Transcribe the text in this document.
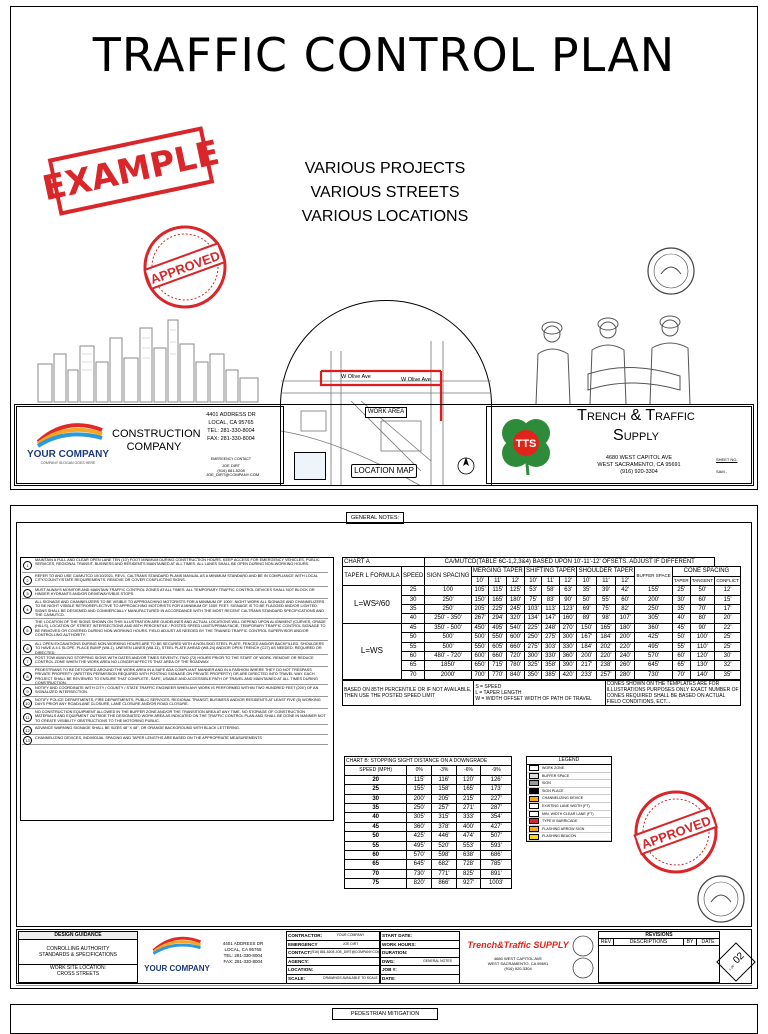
TRAFFIC CONTROL PLAN
VARIOUS PROJECTS
VARIOUS STREETS
VARIOUS LOCATIONS
EXAMPLE
APPROVED
W Olive Ave	W Olive Ave
WORK AREA
LOCATION MAP
YOUR COMPANY
COMPANY SLOGAN GOES HERE
CONSTRUCTION COMPANY
4401 ADDRESS DR
LOCAL, CA 95765
TEL: 281-330-8004
FAX: 281-330-8004
EMERGENCY CONTACT
JOE DIRT
(916) 881-5208
JOE_DIRT@COMPANY.COM
TTS
Trench & Traffic
Supply
4680 WEST CAPITOL AVE
WEST SACRAMENTO, CA 95691
(916) 920-3304
SHEET NO.
SAM -
GENERAL NOTES:
1
MAINTAIN A FULL AND CLEAR OPEN LANE TEN (10') FOOT MINIMUM DURING CONSTRUCTION HOURS. KEEP ACCESS FOR EMERGENCY VEHICLES, PUBLIC SERVICES, REGIONAL TRANSIT, BUSINESS AND RESIDENTS MAINTAINED AT ALL TIMES. ALL LANES SHALL BE OPEN DURING NON-WORKING HOURS.
2
REFER TO AND USE CA/MUTCD 10/10/2021, REV1, CALTRANS STANDARD PLANS MANUAL AS A MINIMUM STANDARD AND BE IN COMPLIANCE WITH LOCAL CITY/COUNTY/STATE REQUIREMENTS. REMOVE OR COVER CONFLICTING SIGNS.
3
MUST ALWAYS MONITOR AND MAINTAIN TRAFFIC CONTROL ZONES AT ALL TIMES. ALL TEMPORARY TRAFFIC CONTROL DEVICES SHALL NOT BLOCK OR HINDER HYDRANTS AND/OR DRIVEWAYS/BUS STOPS.
4
ALL SIGNAGE AND CHANNELIZERS TO BE VISIBLE TO APPROACHING MOTORISTS FOR A MINIMUM OF 1000'. NIGHT WORK ALL SIGNAGE AND CHANNELIZERS TO BE NIGHT VISIBLE RETROREFLECTIVE TO APPROACHING MOTORISTS FOR A MINIMUM OF 1000' FEET. SIGNAGE IS TO BE FLAGGED AND/OR LIGHTED. SIGNS SHALL BE DESIGNED AND COMMERCIALLY MANUFACTURED IN ACCORDANCE WITH THE MOST RECENT CALTRANS STANDARD SPECIFICATIONS AND THE CA/MUTCD.
5
THE LOCATION OF THE SIGNS SHOWN ON THIS ILLUSTRATION ARE GUIDELINES AND ACTUAL LOCATIONS WILL DEPEND UPON ALIGNMENT (CURVES, GRADE (HILLS), LOCATION OF STREET INTERSECTIONS AND 85TH PERCENTILE / POSTED SPEED LIMITS/PRIMA FACIE. TEMPORARY TRAFFIC CONTROL SIGNAGE TO BE REMOVED OR COVERED DURING NON-WORKING HOURS. FIELD ADJUST AS NEEDED BY THE TRAINED TRAFFIC CONTROL SUPERVISOR AND/OR CONTROLLING AUTHORITY.
6
ALL OPEN EXCAVATIONS DURING NON-WORKING HOURS ARE TO BE SECURED WITH A NON-SKID STEEL PLATE, FENCED AND/OR BACKFILLED. SHOULDERS TO HAVE A 4:1 SLOPE. PLACE BUMP (W8-1), UNEVEN LANES (W8-11), STEEL PLATE AHEAD (W8-24) AND/OR OPEN TRENCH (C27) AS NEEDED. REQUIRED OR DIRECTED.
7
POST TOW AWAY-NO STOPPING SIGNS WITH DATES AND/OR TIMES SEVENTY- TWO (72) HOURS PRIOR TO THE START OF WORK. REMOVE OR REDUCE CONTROL ZONE WHEN THE WORK AREA NO LONGER AFFECTS THAT AREA OF THE ROADWAY.
8
PEDESTRIANS TO BE DETOURED AROUND THE WORK AREA IN A SAFE ADA COMPLIANT MANNER AND IN A FASHION WHERE THEY DO NOT TRESPASS PRIVATE PROPERTY (WRITTEN PERMISSION REQUIRED WITH POSTING SIGNAGE ON PRIVATE PROPERTY) OR ARE DIRECTED INTO TRAVEL WAY. EACH PROJECT SHALL BE REVIEWED TO ENSURE THAT COMPLETE, SAFE, USABLE AND ACCESSIBLE PATH OF TRAVEL AND MAINTAINED AT ALL TIMES DURING CONSTRUCTION.
9
NOTIFY AND COORDINATE WITH CITY / COUNTY / STATE TRAFFIC ENGINEER WHEN ANY WORK IS PERFORMED WITHIN TWO HUNDRED FEET (200') OF AN SIGNALIZED INTERSECTION.
10
NOTIFY POLICE DEPARTMENTS, FIRE DEPARTMENTS, PUBLIC SERVICES, REGIONAL TRANSIT, BUSINESS AND/OR RESIDENTS AT LEAST FIVE (5) WORKING DAYS PRIOR ANY ROAD/LANE CLOSURE, LANE CLOSURE AND/OR ROAD CLOSURE.
11
NO CONSTRUCTION EQUIPMENT ALLOWED IN THE BUFFER ZONE AND/OR THE TRANSITION AREA AT ANY TIME. NO STORAGE OF CONSTRUCTION MATERIALS AND EQUIPMENT OUTSIDE THE DESIGNATED WORK AREA AS INDICATED ON THE TRAFFIC CONTROL PLAN AND SHALL BE DONE IN MANNER NOT TO CREATE VISIBILITY OBSTRUCTIONS TO THE MOTORING PUBLIC.
12	ADVANCE WARNING SIGNAGE SHALL BE SIZES 48" X 48", OR ORANGE BACKGROUND WITH BLACK LETTERING.
13	CHANNELIZING DEVICES, INDIVIDUAL SPACING AND TAPER LENGTHS ARE BASED ON THE APPROPRIATE MEASUREMENTS
CHART A		CA/MUTCD(TABLE 6C-1,2,3&4) BASED UPON 10'-11'-12' OFSETS. ADJUST IF DIFFERENT													
TAPER L FORMULA	SPEED	SIGN SPACING	MERGING TAPER			SHIFTING TAPER			SHOULDER TAPER			BUFFER SPACE	CONE SPACING		
			10'	11'	12'	10'	11'	12'	10'	11'	12'		TAPER	TANGENT	CONFLICT
L=WS²/60	25	100	105'	115'	125'	53'	58'	63'	35'	39'	42'	155'	25'	50'	12'
	30	250'	150'	165'	180'	75'	83'	90'	50'	55'	60'	200'	30'	60'	15'
	35	250'	205'	225'	245'	103'	113'	123'	69'	75'	82'	250'	35'	70'	17'
	40	250' - 350'	267'	294'	320'	134'	147'	160'	89'	98'	107'	305'	40'	80'	20'
L=WS	45	350' - 500'	450'	495'	540'	225'	248'	270'	150'	165'	180'	360'	45'	90'	22'
	50	500'	500'	550'	600'	250'	275'	300'	167'	184'	200'	425'	50'	100'	25'
	55	500'	550'	605'	660'	275'	303'	330'	184'	202'	220'	495'	55'	110'	25'
	60	480' - 720'	600'	660'	720'	300'	330'	360'	200'	220'	240'	570'	60'	120'	30'
	65	1850'	650'	715'	780'	325'	358'	390'	217'	238'	260'	645'	65'	130'	32'
	70	2000'	700'	770'	840'	350'	385'	420'	233'	257'	280'	730'	70'	140'	35'
BASED ON 85TH PERCENTILE OR IF NOT AVAILABLE, THEN USE THE POSTED SPEED LIMIT	S = SPEED
L = TAPER LENGTH
W = WIDTH OFFSET WIDTH OF PATH OF TRAVEL	CONES SHOWN ON THE TEMPLATES ARE FOR ILLUSTRATIONS PURPOSES ONLY EXACT NUMBER OF CONES REQUIRED SHALL BE BASED ON ACTUAL FIELD CONDITIONS, ECT...
CHART B: STOPPING SIGHT DISTANCE ON A DOWNGRADE				
SPEED (MPH)	0%	-3%	-6%	-9%
20	115'	116'	120'	126'
25	155'	158'	165'	173'
30	200'	205'	215'	227'
35	250'	257'	271'	287'
40	305'	315'	333'	354'
45	360'	378'	400'	427'
50	425'	446'	474'	507'
55	495'	520'	553'	593'
60	570'	598'	638'	686'
65	645'	682'	728'	785'
70	730'	771'	825'	891'
75	820'	866'	927'	1003'
LEGEND
WORK ZONE
BUFFER SPACE
SIGN
SIGN PLACE
CHANNELIZING DEVICE
EXISTING LANE WIDTH (FT)
MIN. WIDTH CLEAR LANE (FT)
TYPE III BARRICADE
FLASHING ARROW SIGN
FLASHING BEACON	APPROVED
DESIGN GUIDANCE
CONROLLING AUTHORITY
STANDARDS & SPECIFICATIONS
WORK SITE LOCATION:
CROSS STREETS
YOUR COMPANY
4401 ADDRESS DR
LOCAL, CA 95765
TEL: 281-330-8004
FAX: 281-330-8004
CONTRACTOR:	YOUR COMPANY
EMERGENCY	JOE DIRT
CONTACT: (916) 881-5208 JOE_DIRT@COMPANY.COM
AGENCY:
LOCATION:
SCALE:	DRAWINGS AVAILABLE TO SCALE
START DATE:
WORK HOURS:
DURATION:
DWG:	GENERAL NOTES
JOB #:
DATE:
Trench&Traffic SUPPLY
4680 WEST CAPITOL AVE
WEST SACRAMENTO, CA 95691
(916) 920-3304
REVISIONS
REV	DESCRIPTIONS	BY	DATE
1 OF 02
PEDESTRIAN MITIGATION
